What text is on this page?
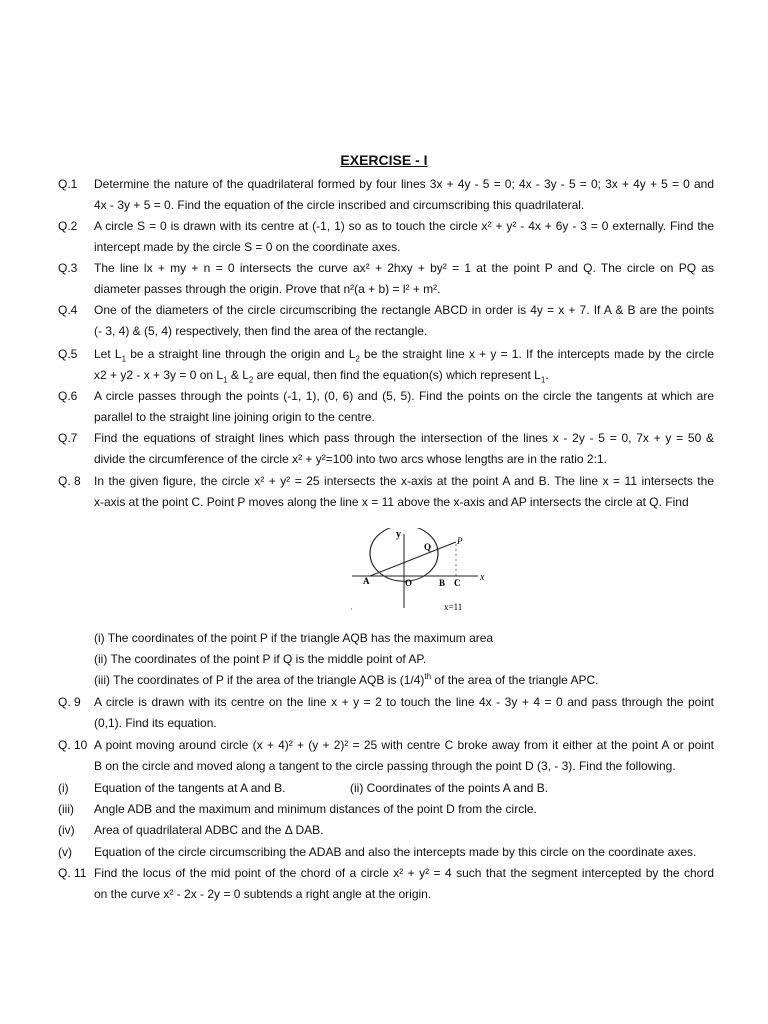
EXERCISE - I
Q.1	Determine the nature of the quadrilateral formed by four lines 3x + 4y - 5 = 0; 4x - 3y - 5 = 0; 3x + 4y + 5 = 0 and
4x - 3y + 5 = 0. Find the equation of the circle inscribed and circumscribing this quadrilateral.
Q.2	A circle S = 0 is drawn with its centre at (-1, 1) so as to touch the circle x² + y² - 4x + 6y - 3 = 0 externally. Find the
intercept made by the circle S = 0 on the coordinate axes.
Q.3	The line lx + my + n = 0 intersects the curve ax² + 2hxy + by² = 1 at the point P and Q. The circle on PQ as
diameter passes through the origin. Prove that n²(a + b) = l² + m².
Q.4	One of the diameters of the circle circumscribing the rectangle ABCD in order is 4y = x + 7. If A & B are the points
(- 3, 4) & (5, 4) respectively, then find the area of the rectangle.
Q.5	Let $L_1$ be a straight line through the origin and $L_2$ be the straight line x + y = 1. If the intercepts made by the circle
x2 + y2 - x + 3y = 0 on $L_1$ & $L_2$ are equal, then find the equation(s) which represent $L_1$.
Q.6	A circle passes through the points (-1, 1), (0, 6) and (5, 5). Find the points on the circle the tangents at which are
parallel to the straight line joining origin to the centre.
Q.7	Find the equations of straight lines which pass through the intersection of the lines x - 2y - 5 = 0, 7x + y = 50 &
divide the circumference of the circle x² + y²=100 into two arcs whose lengths are in the ratio 2:1.
Q. 8	In the given figure, the circle x² + y² = 25 intersects the x-axis at the point A and B. The line x = 11 intersects the
x-axis at the point C. Point P moves along the line x = 11 above the x-axis and AP intersects the circle at Q. Find
y
x
P
Q
A	O	B C
x=11
·
(i) The coordinates of the point P if the triangle AQB has the maximum area
(ii) The coordinates of the point P if Q is the middle point of AP.
(iii) The coordinates of P if the area of the triangle AQB is $(1/4)^{th}$ of the area of the triangle APC.
Q. 9	A circle is drawn with its centre on the line x + y = 2 to touch the line 4x - 3y + 4 = 0 and pass through the point
(0,1). Find its equation.
Q. 10 A point moving around circle (x + 4)² + (y + 2)² = 25 with centre C broke away from it either at the point A or point
B on the circle and moved along a tangent to the circle passing through the point D (3, - 3). Find the following.
(i)	Equation of the tangents at A and B.	(ii) Coordinates of the points A and B.
(iii)	Angle ADB and the maximum and minimum distances of the point D from the circle.
(iv)	Area of quadrilateral ADBC and the Δ DAB.
(v)	Equation of the circle circumscribing the ADAB and also the intercepts made by this circle on the coordinate axes.
Q. 11 Find the locus of the mid point of the chord of a circle x² + y² = 4 such that the segment intercepted by the chord
on the curve x² - 2x - 2y = 0 subtends a right angle at the origin.
